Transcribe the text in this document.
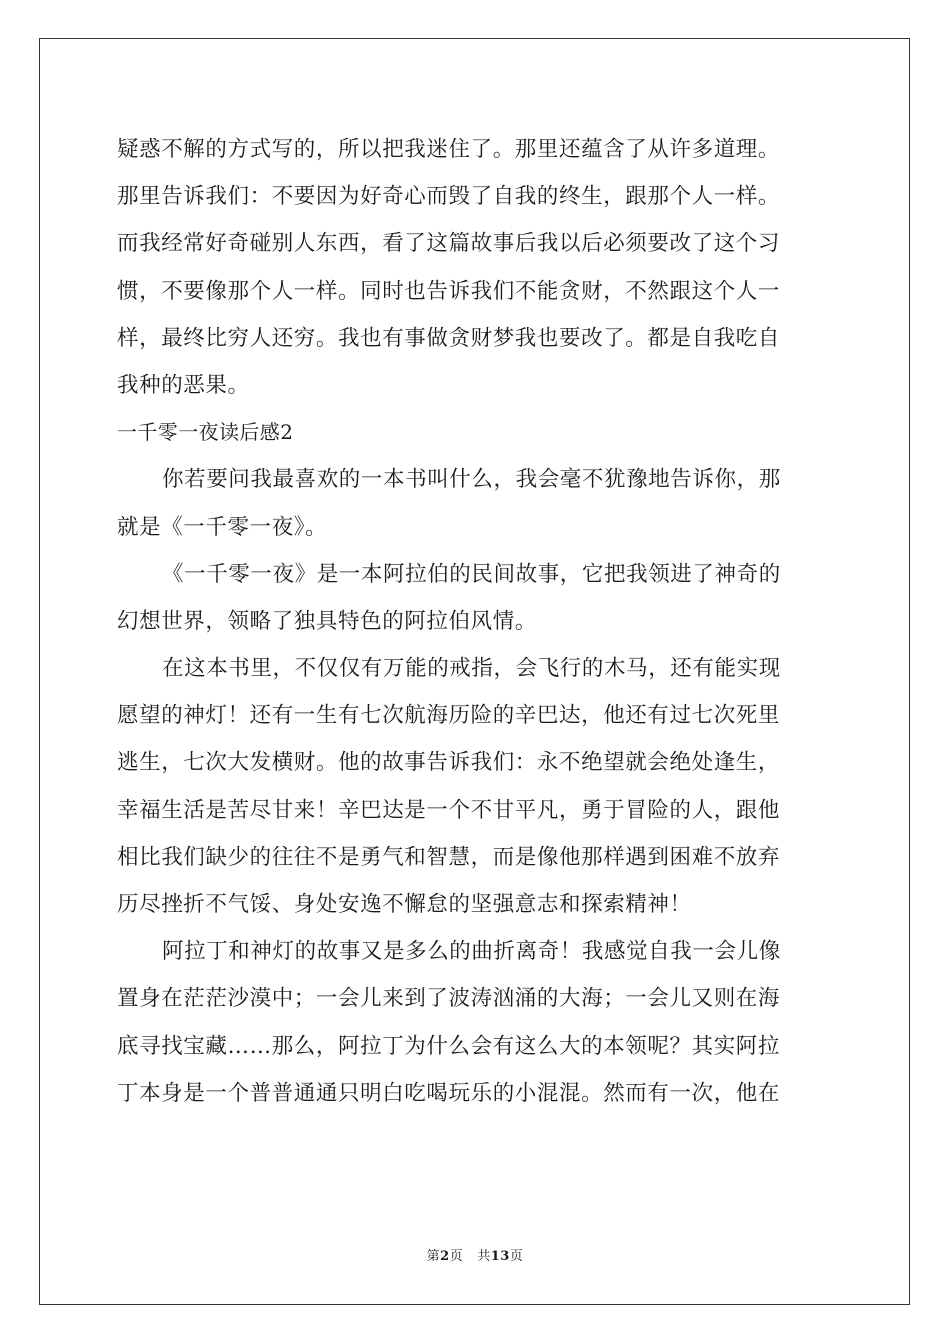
疑惑不解的方式写的，所以把我迷住了。那里还蕴含了从许多道理。
那里告诉我们：不要因为好奇心而毁了自我的终生，跟那个人一样。
而我经常好奇碰别人东西，看了这篇故事后我以后必须要改了这个习
惯，不要像那个人一样。同时也告诉我们不能贪财，不然跟这个人一
样，最终比穷人还穷。我也有事做贪财梦我也要改了。都是自我吃自
我种的恶果。
一千零一夜读后感2
你若要问我最喜欢的一本书叫什么，我会毫不犹豫地告诉你，那
就是《一千零一夜》。
《一千零一夜》是一本阿拉伯的民间故事，它把我领进了神奇的
幻想世界，领略了独具特色的阿拉伯风情。
在这本书里，不仅仅有万能的戒指，会飞行的木马，还有能实现
愿望的神灯！还有一生有七次航海历险的辛巴达，他还有过七次死里
逃生，七次大发横财。他的故事告诉我们：永不绝望就会绝处逢生，
幸福生活是苦尽甘来！辛巴达是一个不甘平凡，勇于冒险的人，跟他
相比我们缺少的往往不是勇气和智慧，而是像他那样遇到困难不放弃
历尽挫折不气馁、身处安逸不懈怠的坚强意志和探索精神！
阿拉丁和神灯的故事又是多么的曲折离奇！我感觉自我一会儿像
置身在茫茫沙漠中；一会儿来到了波涛汹涌的大海；一会儿又则在海
底寻找宝藏……那么，阿拉丁为什么会有这么大的本领呢？其实阿拉
丁本身是一个普普通通只明白吃喝玩乐的小混混。然而有一次，他在
第2页 共13页
